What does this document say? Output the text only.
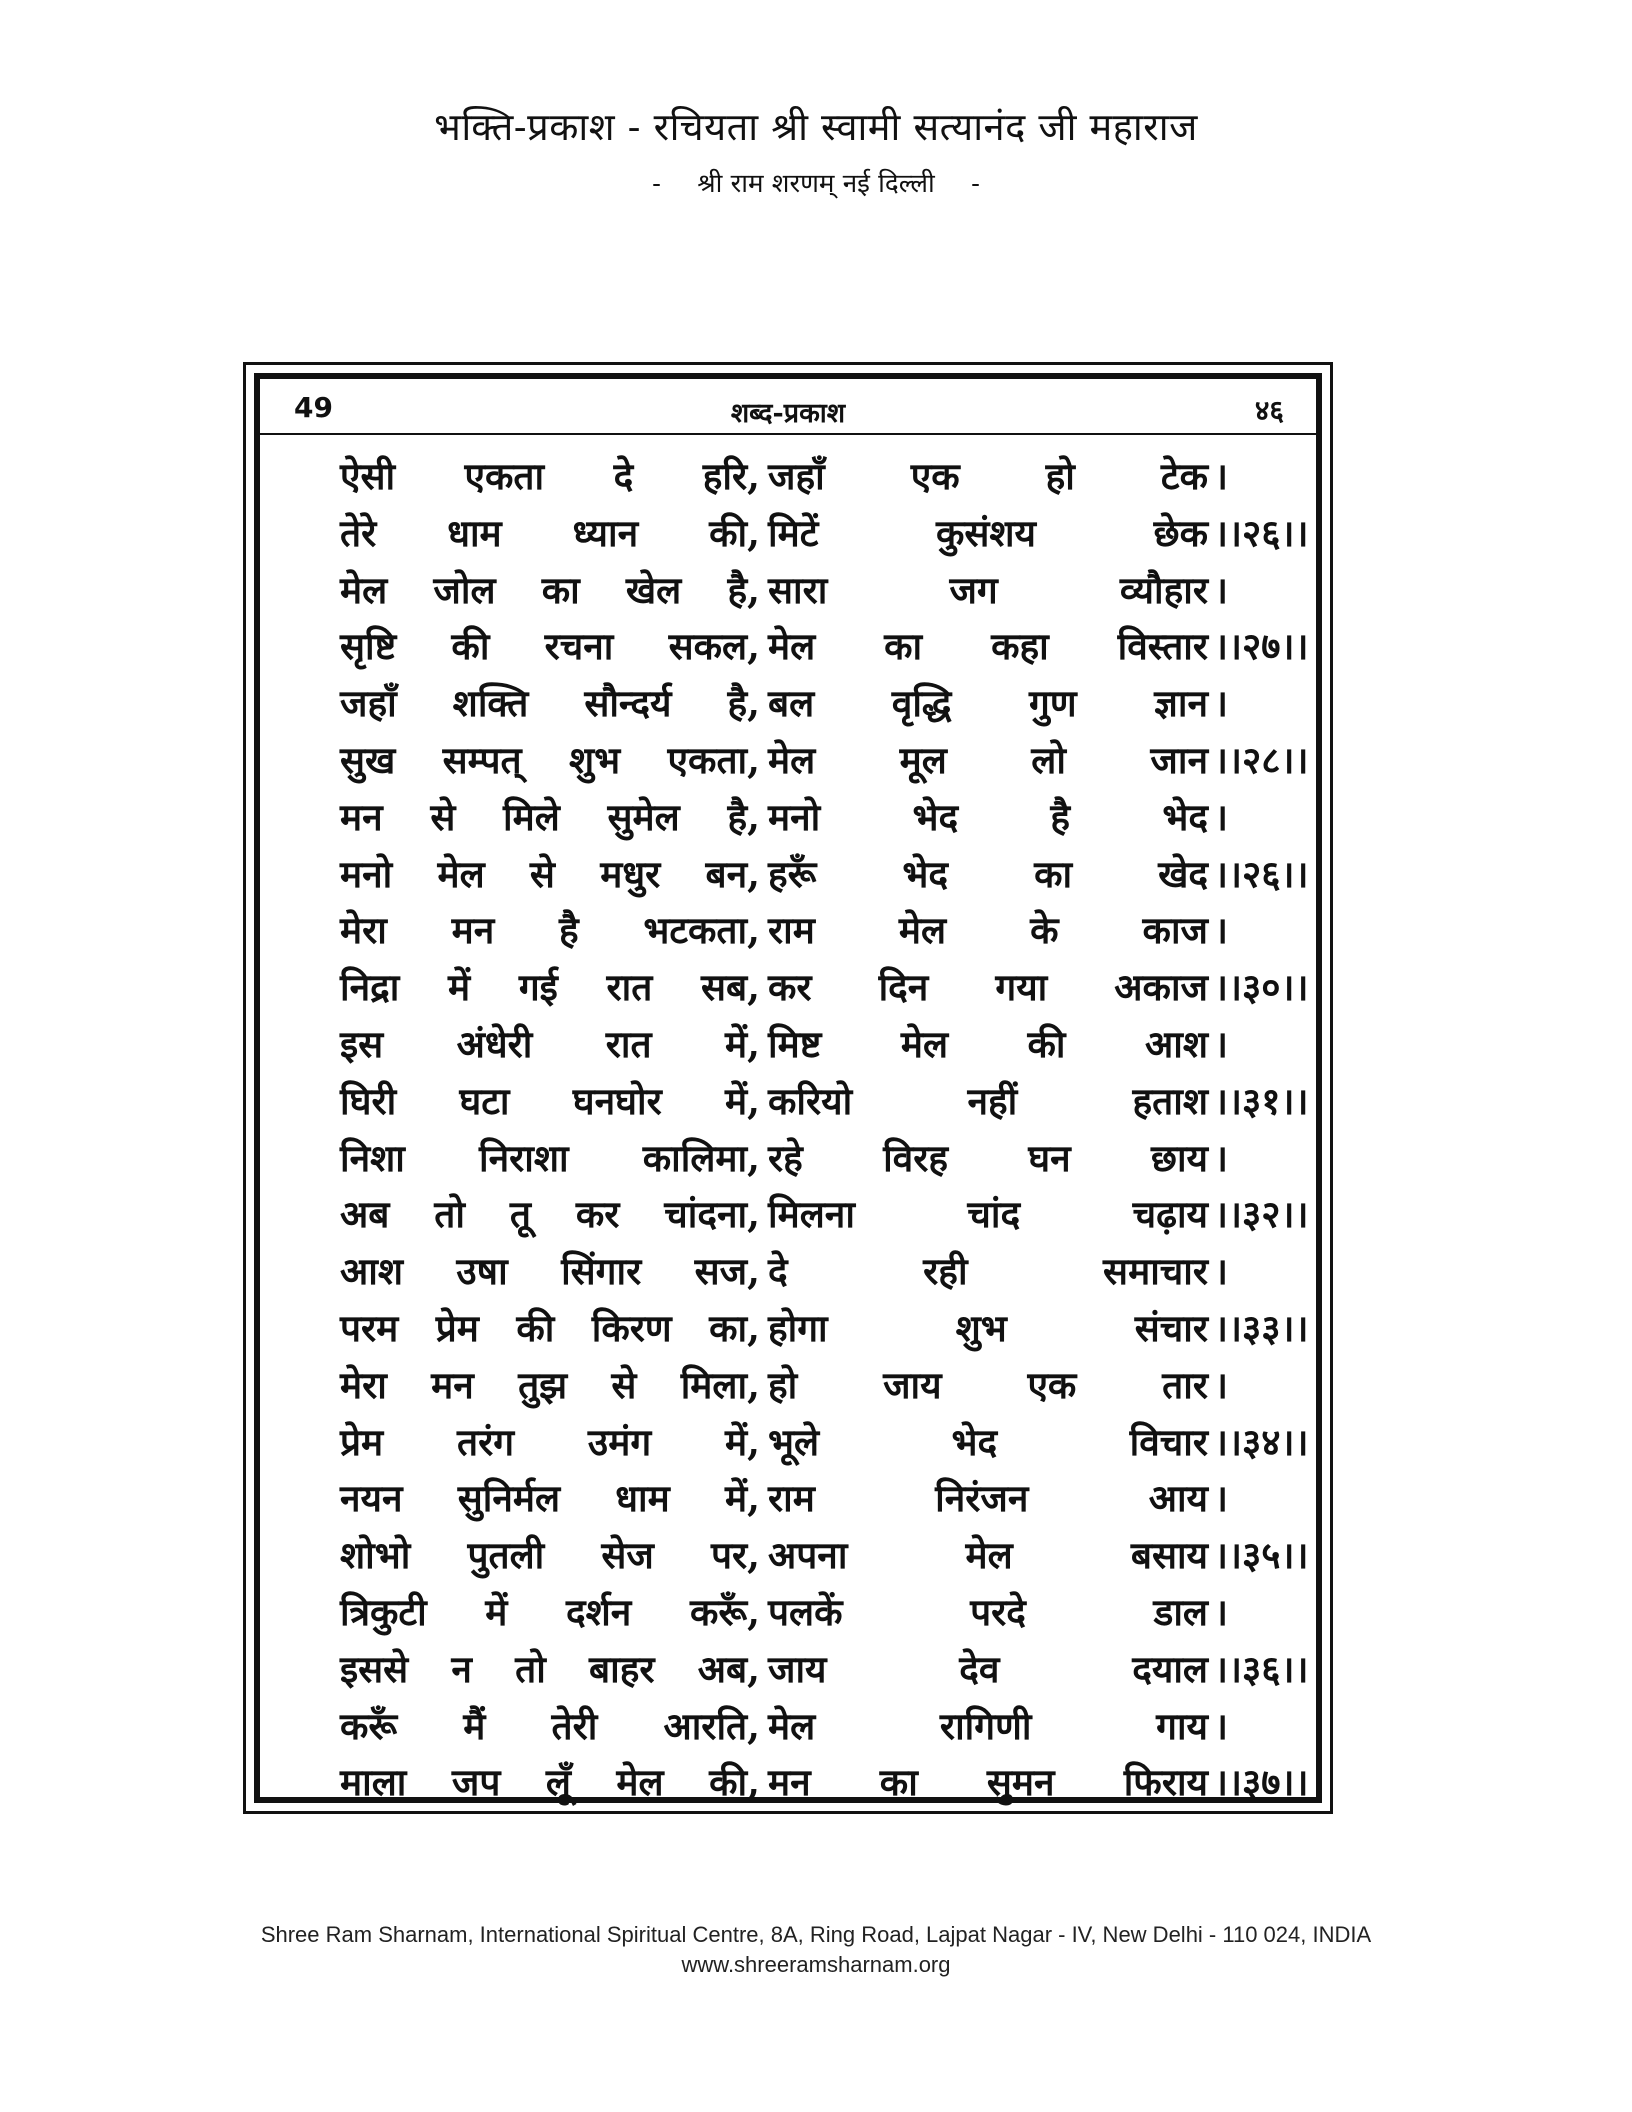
भक्ति-प्रकाश - रचियता श्री स्वामी सत्यानंद जी महाराज
- श्री राम शरणम् नई दिल्ली -
49	शब्द-प्रकाश	४६
ऐसी एकता दे हरि, जहाँ एक हो टेक ।
तेरे धाम ध्यान की, मिटें कुसंशय छेक ।।२६।।
मेल जोल का खेल है, सारा जग व्यौहार ।
सृष्टि की रचना सकल, मेल का कहा विस्तार ।।२७।।
जहाँ शक्ति सौन्दर्य है, बल वृद्धि गुण ज्ञान ।
सुख सम्पत् शुभ एकता, मेल मूल लो जान ।।२८।।
मन से मिले सुमेल है, मनो भेद है भेद ।
मनो मेल से मधुर बन, हरूँ भेद का खेद ।।२६।।
मेरा मन है भटकता, राम मेल के काज ।
निद्रा में गई रात सब, कर दिन गया अकाज ।।३०।।
इस अंधेरी रात में, मिष्ट मेल की आश ।
घिरी घटा घनघोर में, करियो नहीं हताश ।।३१।।
निशा निराशा कालिमा, रहे विरह घन छाय ।
अब तो तू कर चांदना, मिलना चांद चढ़ाय ।।३२।।
आश उषा सिंगार सज, दे रही समाचार ।
परम प्रेम की किरण का, होगा शुभ संचार ।।३३।।
मेरा मन तुझ से मिला, हो जाय एक तार ।
प्रेम तरंग उमंग में, भूले भेद विचार ।।३४।।
नयन सुनिर्मल धाम में, राम निरंजन आय ।
शोभो पुतली सेज पर, अपना मेल बसाय ।।३५।।
त्रिकुटी में दर्शन करूँ, पलकें परदे डाल ।
इससे न तो बाहर अब, जाय देव दयाल ।।३६।।
करूँ मैं तेरी आरति, मेल रागिणी गाय ।
माला जप लूँ मेल की, मन का सुमन फिराय ।।३७।।
Shree Ram Sharnam, International Spiritual Centre, 8A, Ring Road, Lajpat Nagar - IV, New Delhi - 110 024, INDIA
www.shreeramsharnam.org
